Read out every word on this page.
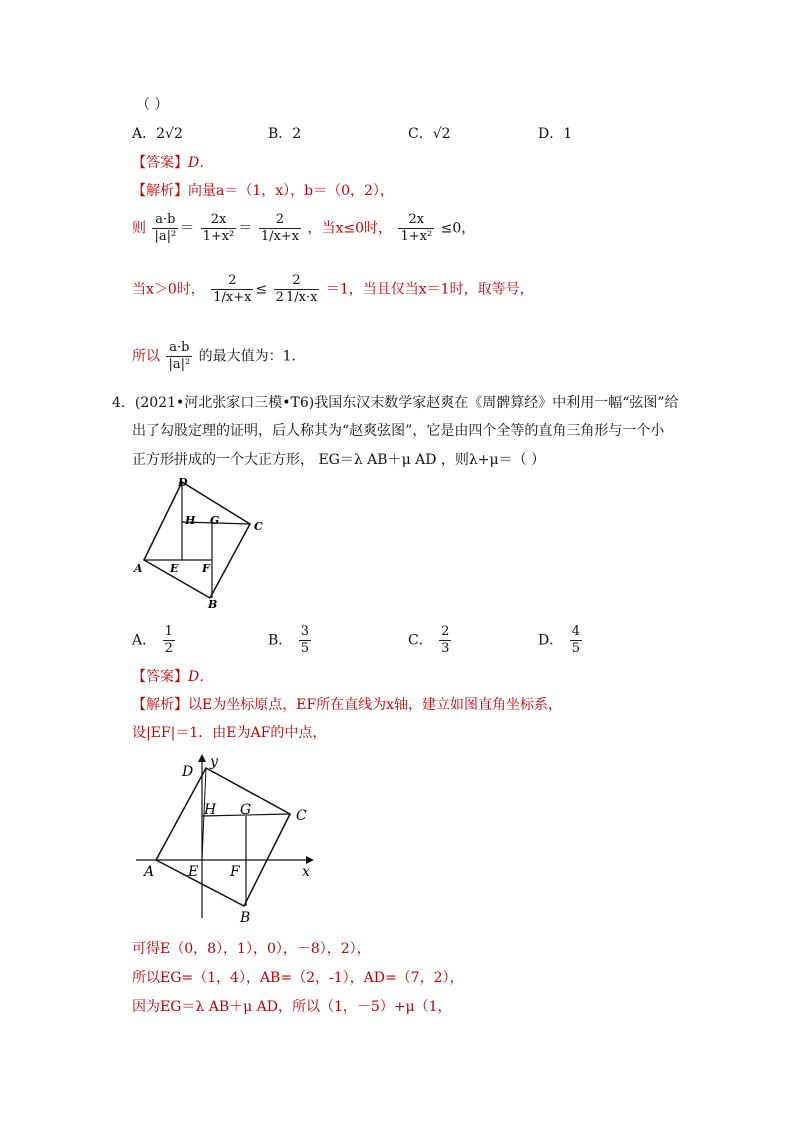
（ ）
A．2√2	B．2	C．√2	D．1
【答案】D．
【解析】向量a＝（1，x），b＝（0，2），
则 $\frac{a\cdot b}{\text{|a|²}} = \frac{2x}{\text{1+x²}} = \frac{2}{1/x+x}$ ，当x≤0时， $\frac{2x}{\text{1+x²}} \le 0$，
当x＞0时， $\frac{2}{1/x+x} \le \frac{2}{2 1/x\cdot x} =1$，当且仅当x＝1时，取等号，
所以 $\frac{a\cdot b}{\text{|a|²}}$ 的最大值为：1．
4．(2021•河北张家口三模•T6)我国东汉末数学家赵爽在《周髀算经》中利用一幅“弦图”给
出了勾股定理的证明，后人称其为“赵爽弦图”，它是由四个全等的直角三角形与一个小
正方形拼成的一个大正方形， EG＝λ AB＋μ AD ，则λ+μ＝（ ）
D
H G	C
A E F
B
A． $\frac{1}{2}$	B． $\frac{3}{5}$	C． $\frac{2}{3}$	D． $\frac{4}{5}$
【答案】D．
【解析】以E为坐标原点，EF所在直线为x轴，建立如图直角坐标系，
设|EF|＝1．由E为AF的中点，
y
D
H G	C
A E F	x
B
可得E（0，8），1），0），－8），2），
所以EG=（1，4），AB=（2，-1），AD=（7，2），
因为EG＝λ AB＋μ AD，所以（1，－5）+μ（1，
